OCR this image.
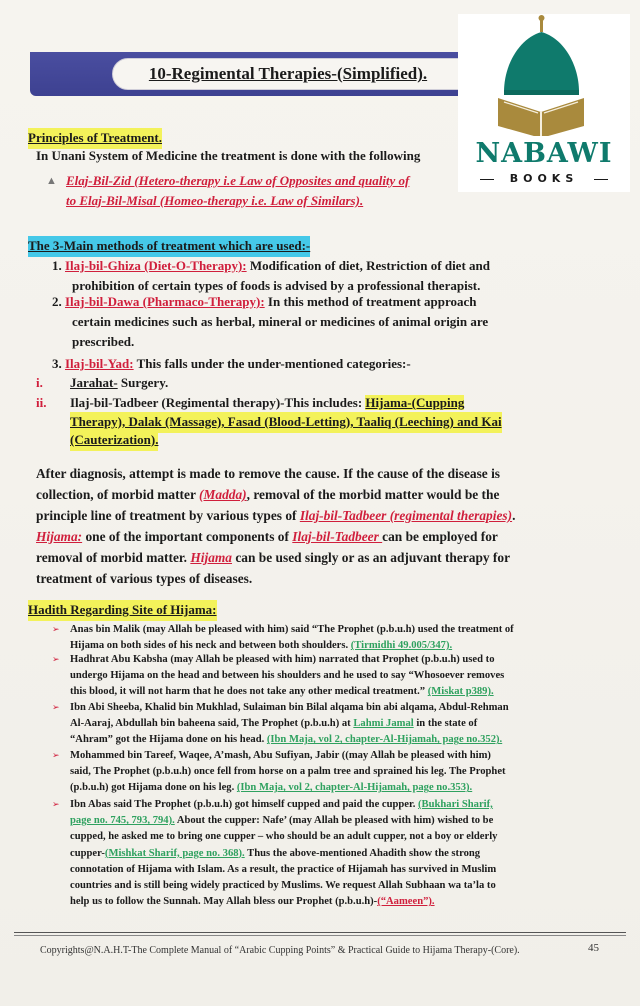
10-Regimental Therapies-(Simplified).
NABAWI
BOOKS
Principles of Treatment.
In Unani System of Medicine the treatment is done with the following
▲ Elaj-Bil-Zid (Hetero-therapy i.e Law of Opposites and quality of
to Elaj-Bil-Misal (Homeo-therapy i.e. Law of Similars).
The 3-Main methods of treatment which are used:-
1. Ilaj-bil-Ghiza (Diet-O-Therapy): Modification of diet, Restriction of diet and
prohibition of certain types of foods is advised by a professional therapist.
2. Ilaj-bil-Dawa (Pharmaco-Therapy): In this method of treatment approach
certain medicines such as herbal, mineral or medicines of animal origin are
prescribed.
3. Ilaj-bil-Yad: This falls under the under-mentioned categories:-
i. Jarahat- Surgery.
ii. Ilaj-bil-Tadbeer (Regimental therapy)-This includes: Hijama-(Cupping
Therapy), Dalak (Massage), Fasad (Blood-Letting), Taaliq (Leeching) and Kai
(Cauterization).
After diagnosis, attempt is made to remove the cause. If the cause of the disease is
collection, of morbid matter (Madda), removal of the morbid matter would be the
principle line of treatment by various types of Ilaj-bil-Tadbeer (regimental therapies).
Hijama: one of the important components of Ilaj-bil-Tadbeer can be employed for
removal of morbid matter. Hijama can be used singly or as an adjuvant therapy for
treatment of various types of diseases.
Hadith Regarding Site of Hijama:
➢ Anas bin Malik (may Allah be pleased with him) said “The Prophet (p.b.u.h) used the treatment of
Hijama on both sides of his neck and between both shoulders. (Tirmidhi 49.005/347).
➢ Hadhrat Abu Kabsha (may Allah be pleased with him) narrated that Prophet (p.b.u.h) used to
undergo Hijama on the head and between his shoulders and he used to say “Whosoever removes
this blood, it will not harm that he does not take any other medical treatment.” (Miskat p389).
➢ Ibn Abi Sheeba, Khalid bin Mukhlad, Sulaiman bin Bilal alqama bin abi alqama, Abdul-Rehman
Al-Aaraj, Abdullah bin baheena said, The Prophet (p.b.u.h) at Lahmi Jamal in the state of
“Ahram” got the Hijama done on his head. (Ibn Maja, vol 2, chapter-Al-Hijamah, page no.352).
➢ Mohammed bin Tareef, Waqee, A’mash, Abu Sufiyan, Jabir ((may Allah be pleased with him)
said, The Prophet (p.b.u.h) once fell from horse on a palm tree and sprained his leg. The Prophet
(p.b.u.h) got Hijama done on his leg. (Ibn Maja, vol 2, chapter-Al-Hijamah, page no.353).
➢ Ibn Abas said The Prophet (p.b.u.h) got himself cupped and paid the cupper. (Bukhari Sharif,
page no. 745, 793, 794). About the cupper: Nafe’ (may Allah be pleased with him) wished to be
cupped, he asked me to bring one cupper – who should be an adult cupper, not a boy or elderly
cupper-(Mishkat Sharif, page no. 368). Thus the above-mentioned Ahadith show the strong
connotation of Hijama with Islam. As a result, the practice of Hijamah has survived in Muslim
countries and is still being widely practiced by Muslims. We request Allah Subhaan wa ta’la to
help us to follow the Sunnah. May Allah bless our Prophet (p.b.u.h)-(“Aameen”).
Copyrights@N.A.H.T-The Complete Manual of “Arabic Cupping Points” & Practical Guide to Hijama Therapy-(Core).	45
